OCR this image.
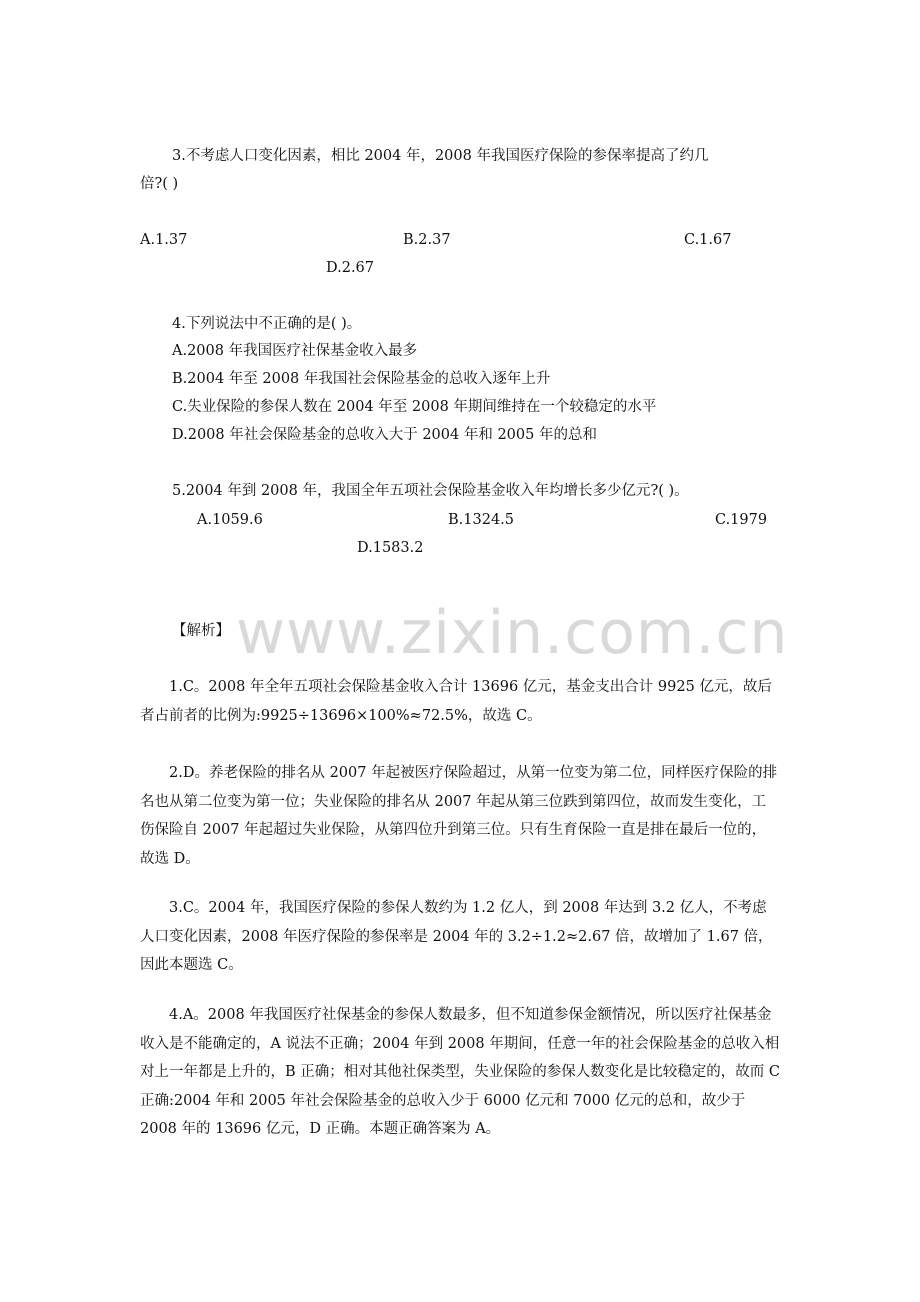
3.不考虑人口变化因素，相比 2004 年，2008 年我国医疗保险的参保率提高了约几
倍?( )
A.1.37	B.2.37	C.1.67
D.2.67
4.下列说法中不正确的是( )。
A.2008 年我国医疗社保基金收入最多
B.2004 年至 2008 年我国社会保险基金的总收入逐年上升
C.失业保险的参保人数在 2004 年至 2008 年期间维持在一个较稳定的水平
D.2008 年社会保险基金的总收入大于 2004 年和 2005 年的总和
5.2004 年到 2008 年，我国全年五项社会保险基金收入年均增长多少亿元?( )。
A.1059.6	B.1324.5	C.1979
D.1583.2
www.zixin.com.cn
【解析】
1.C。2008 年全年五项社会保险基金收入合计 13696 亿元，基金支出合计 9925 亿元，故后者占前者的比例为:9925÷13696×100%≈72.5%，故选 C。
2.D。养老保险的排名从 2007 年起被医疗保险超过，从第一位变为第二位，同样医疗保险的排名也从第二位变为第一位；失业保险的排名从 2007 年起从第三位跌到第四位，故而发生变化，工伤保险自 2007 年起超过失业保险，从第四位升到第三位。只有生育保险一直是排在最后一位的，故选 D。
3.C。2004 年，我国医疗保险的参保人数约为 1.2 亿人，到 2008 年达到 3.2 亿人，不考虑人口变化因素，2008 年医疗保险的参保率是 2004 年的 3.2÷1.2≈2.67 倍，故增加了 1.67 倍，因此本题选 C。
4.A。2008 年我国医疗社保基金的参保人数最多，但不知道参保金额情况，所以医疗社保基金收入是不能确定的，A 说法不正确；2004 年到 2008 年期间，任意一年的社会保险基金的总收入相对上一年都是上升的，B 正确；相对其他社保类型，失业保险的参保人数变化是比较稳定的，故而 C 正确:2004 年和 2005 年社会保险基金的总收入少于 6000 亿元和 7000 亿元的总和，故少于 2008 年的 13696 亿元，D 正确。本题正确答案为 A。
